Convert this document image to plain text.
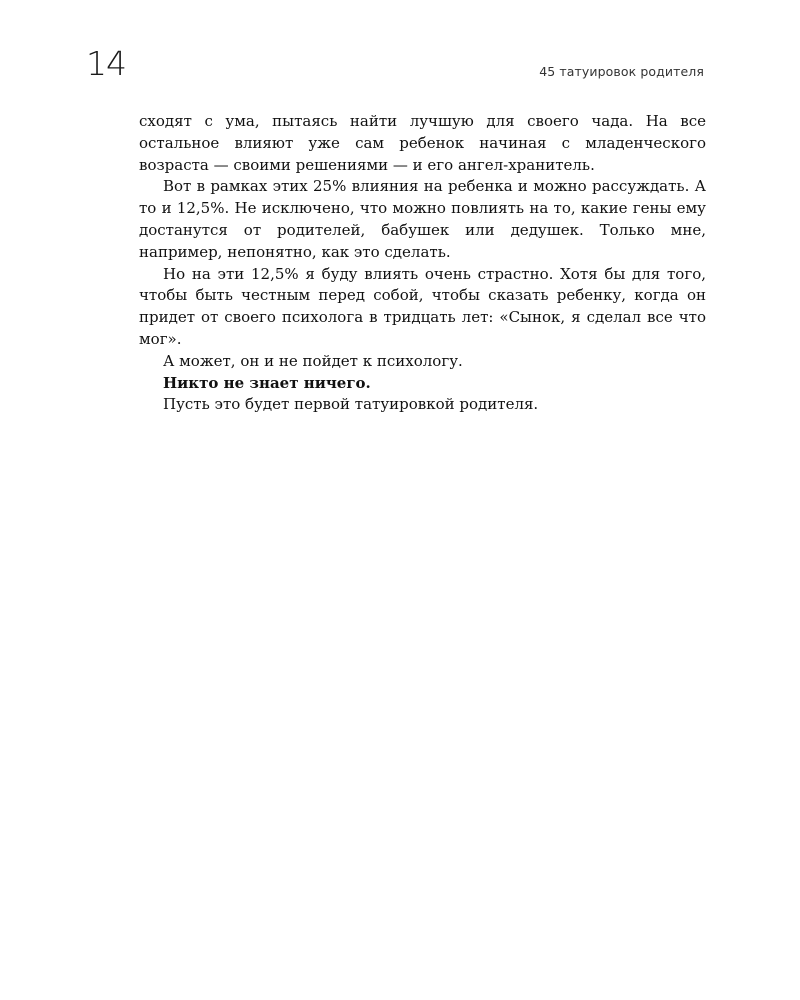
14	45 татуировок родителя

сходят с ума, пытаясь найти лучшую для своего чада. На все остальное влияют уже сам ребенок начиная с младенческого возраста — своими решениями — и его ангел-хранитель.

Вот в рамках этих 25% влияния на ребенка и можно рассуждать. А то и 12,5%. Не исключено, что можно повлиять на то, какие гены ему достанутся от родителей, бабушек или дедушек. Только мне, например, непонятно, как это сделать.

Но на эти 12,5% я буду влиять очень страстно. Хотя бы для того, чтобы быть честным перед собой, чтобы сказать ребенку, когда он придет от своего психолога в тридцать лет: «Сынок, я сделал все что мог».

А может, он и не пойдет к психологу.

Никто не знает ничего.

Пусть это будет первой татуировкой родителя.
